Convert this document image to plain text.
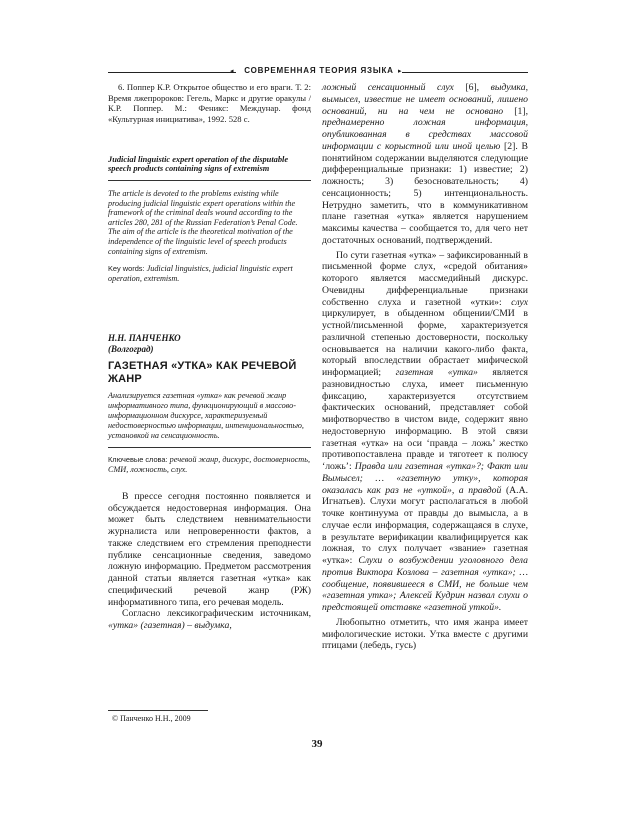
◂	СОВРЕМЕННАЯ ТЕОРИЯ ЯЗЫКА ▸

6. Поппер К.Р. Открытое общество и его враги. Т. 2: Время лжепророков: Гегель, Маркс и другие оракулы / К.Р. Поппер. М.: Феникс: Междунар. фонд «Культурная инициатива», 1992. 528 с.

Judicial linguistic expert operation of the disputable speech products containing signs of extremism

The article is devoted to the problems existing while producing judicial linguistic expert operations within the framework of the criminal deals wound according to the articles 280, 281 of the Russian Federation’s Penal Code. The aim of the article is the theoretical motivation of the independence of the linguistic level of speech products containing signs of extremism.

Key words: Judicial linguistics, judicial linguistic expert operation, extremism.

Н.Н. ПАНЧЕНКО
(Волгоград)

ГАЗЕТНАЯ «УТКА» КАК РЕЧЕВОЙ ЖАНР

Анализируется газетная «утка» как речевой жанр информативного типа, функционирующий в массово-информационном дискурсе, характеризуемый недостоверностью информации, интенциональностью, установкой на сенсационность.

Ключевые слова: речевой жанр, дискурс, достоверность, СМИ, ложность, слух.

В прессе сегодня постоянно появляется и обсуждается недостоверная информация. Она может быть следствием невнимательности журналиста или непроверенности фактов, а также следствием его стремления преподнести публике сенсационные сведения, заведомо ложную информацию. Предметом рассмотрения данной статьи является газетная «утка» как специфический речевой жанр (РЖ) информативного типа, его речевая модель.

Согласно лексикографическим источникам, «утка» (газетная) – выдумка,

ложный сенсационный слух [6], выдумка, вымысел, известие не имеет оснований, лишено оснований, ни на чем не основано [1], преднамеренно ложная информация, опубликованная в средствах массовой информации с корыстной или иной целью [2]. В понятийном содержании выделяются следующие дифференциальные признаки: 1) известие; 2) ложность; 3) безосновательность; 4) сенсационность; 5) интенциональность. Нетрудно заметить, что в коммуникативном плане газетная «утка» является нарушением максимы качества – сообщается то, для чего нет достаточных оснований, подтверждений.

По сути газетная «утка» – зафиксированный в письменной форме слух, «средой обитания» которого является массмедийный дискурс. Очевидны дифференциальные признаки собственно слуха и газетной «утки»: слух циркулирует, в обыденном общении/СМИ в устной/письменной форме, характеризуется различной степенью достоверности, поскольку основывается на наличии какого-либо факта, который впоследствии обрастает мифической информацией; газетная «утка» является разновидностью слуха, имеет письменную фиксацию, характеризуется отсутствием фактических оснований, представляет собой мифотворчество в чистом виде, содержит явно недостоверную информацию. В этой связи газетная «утка» на оси ‘правда – ложь’ жестко противопоставлена правде и тяготеет к полюсу ‘ложь’: Правда или газетная «утка»?; Факт или Вымысел; … «газетную утку», которая оказалась как раз не «уткой», а правдой (А.А. Игнатьев). Слухи могут располагаться в любой точке континуума от правды до вымысла, а в случае если информация, содержащаяся в слухе, в результате верификации квалифицируется как ложная, то слух получает «звание» газетная «утка»: Слухи о возбуждении уголовного дела против Виктора Козлова – газетная «утка»; … сообщение, появившееся в СМИ, не больше чем «газетная утка»; Алексей Кудрин назвал слухи о предстоящей отставке «газетной уткой».

Любопытно отметить, что имя жанра имеет мифологические истоки. Утка вместе с другими птицами (лебедь, гусь)

© Панченко Н.Н., 2009
39
